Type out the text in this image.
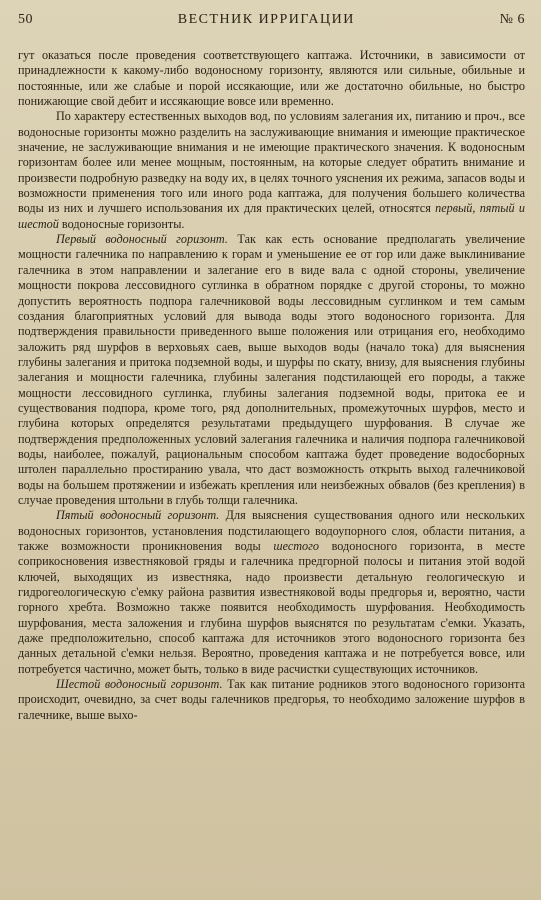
50	ВЕСТНИК ИРРИГАЦИИ	№ 6

гут оказаться после проведения соответствующего каптажа. Источники, в зависимости от принадлежности к какому-либо водоносному горизонту, являются или сильные, обильные и постоянные, или же слабые и порой иссякающие, или же достаточно обильные, но быстро понижающие свой дебит и иссякающие вовсе или временно.

По характеру естественных выходов вод, по условиям залегания их, питанию и проч., все водоносные горизонты можно разделить на заслуживающие внимания и имеющие практическое значение, не заслуживающие внимания и не имеющие практического значения. К водоносным горизонтам более или менее мощным, постоянным, на которые следует обратить внимание и произвести подробную разведку на воду их, в целях точного уяснения их режима, запасов воды и возможности применения того или иного рода каптажа, для получения большего количества воды из них и лучшего использования их для практических целей, относятся первый, пятый и шестой водоносные горизонты.

Первый водоносный горизонт. Так как есть основание предполагать увеличение мощности галечника по направлению к горам и уменьшение ее от гор или даже выклинивание галечника в этом направлении и залегание его в виде вала с одной стороны, увеличение мощности покрова лессовидного суглинка в обратном порядке с другой стороны, то можно допустить вероятность подпора галечниковой воды лессовидным суглинком и тем самым создания благоприятных условий для вывода воды этого водоносного горизонта. Для подтверждения правильности приведенного выше положения или отрицания его, необходимо заложить ряд шурфов в верховьях саев, выше выходов воды (начало тока) для выяснения глубины залегания и притока подземной воды, и шурфы по скату, внизу, для выяснения глубины залегания и мощности галечника, глубины залегания подстилающей его породы, а также мощности лессовидного суглинка, глубины залегания подземной воды, притока ее и существования подпора, кроме того, ряд дополнительных, промежуточных шурфов, место и глубина которых определятся результатами предыдущего шурфования. В случае же подтверждения предположенных условий залегания галечника и наличия подпора галечниковой воды, наиболее, пожалуй, рациональным способом каптажа будет проведение водосборных штолен параллельно простиранию увала, что даст возможность открыть выход галечниковой воды на большем протяжении и избежать крепления или неизбежных обвалов (без крепления) в случае проведения штольни в глубь толщи галечника.

Пятый водоносный горизонт. Для выяснения существования одного или нескольких водоносных горизонтов, установления подстилающего водоупорного слоя, области питания, а также возможности проникновения воды шестого водоносного горизонта, в месте соприкосновения известняковой гряды и галечника предгорной полосы и питания этой водой ключей, выходящих из известняка, надо произвести детальную геологическую и гидрогеологическую с'емку района развития известняковой воды предгорья и, вероятно, части горного хребта. Возможно также появится необходимость шурфования. Необходимость шурфования, места заложения и глубина шурфов выяснятся по результатам с'емки. Указать, даже предположительно, способ каптажа для источников этого водоносного горизонта без данных детальной с'емки нельзя. Вероятно, проведения каптажа и не потребуется вовсе, или потребуется частично, может быть, только в виде расчистки существующих источников.

Шестой водоносный горизонт. Так как питание родников этого водоносного горизонта происходит, очевидно, за счет воды галечников предгорья, то необходимо заложение шурфов в галечнике, выше выхо-
